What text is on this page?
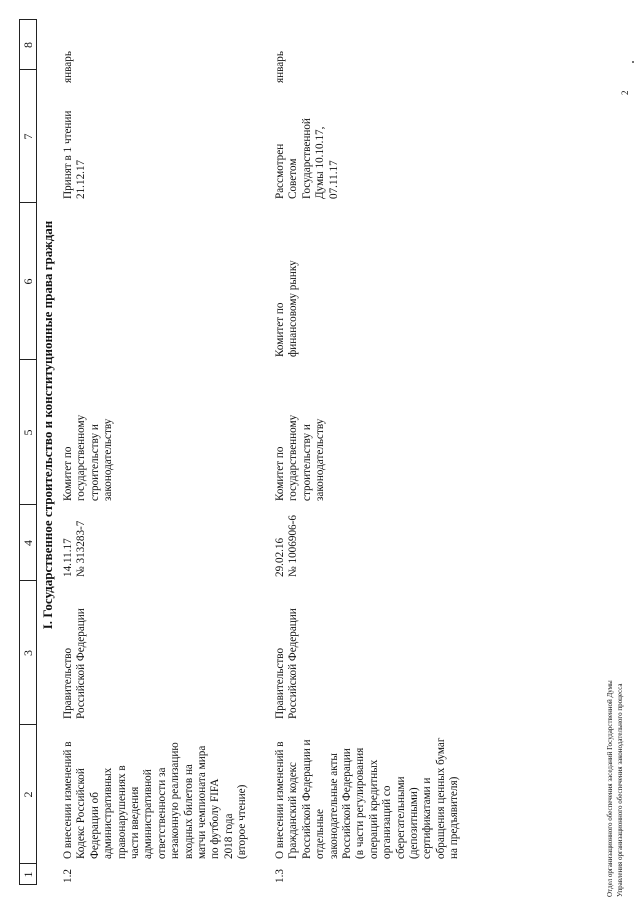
1
2
3
4
5
6
7
8
I. Государственное строительство и конституционные права граждан
1.2
О внесении изменений в
Кодекс Российской
Федерации об
административных
правонарушениях в
части введения
административной
ответственности за
незаконную реализацию
входных билетов на
матчи чемпионата мира
по футболу FIFA
2018 года
(второе чтение)
Правительство
Российской Федерации
14.11.17
№ 313283-7
Комитет по
государственному
строительству и
законодательству
Принят в 1 чтении
21.12.17
январь
1.3
О внесении изменений в
Гражданский кодекс
Российской Федерации и
отдельные
законодательные акты
Российской Федерации
(в части регулирования
операций кредитных
организаций со
сберегательными
(депозитными)
сертификатами и
обращения ценных бумаг
на предъявителя)
Правительство
Российской Федерации
29.02.16
№ 1006906-6
Комитет по
государственному
строительству и
законодательству
Комитет по
финансовому рынку
Рассмотрен
Советом
Государственной
Думы 10.10.17,
07.11.17
январь
Отдел организационного обеспечения заседаний Государственной Думы Управления организационного обеспечения законодательного процесса
2
